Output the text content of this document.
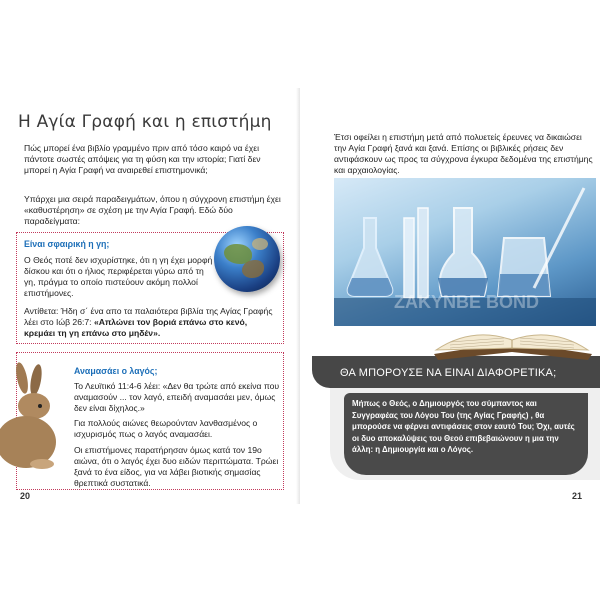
Η Αγία Γραφή και η επιστήμη
Πώς μπορεί ένα βιβλίο γραμμένο πριν από τόσο καιρό να έχει πάντοτε σωστές απόψεις για τη φύση και την ιστορία; Γιατί δεν μπορεί η Αγία Γραφή να αναιρεθεί επιστημονικά;
Υπάρχει μια σειρά παραδειγμάτων, όπου η σύγχρονη επιστήμη έχει «καθυστέρηση» σε σχέση με την Αγία Γραφή. Εδώ δύο παραδείγματα:
Είναι σφαιρική η γη;
Ο Θεός ποτέ δεν ισχυρίστηκε, ότι η γη έχει μορφή δίσκου και ότι ο ήλιος περιφέρεται γύρω από τη γη, πράγμα το οποίο πιστεύουν ακόμη πολλοί επιστήμονες.
Αντίθετα: Ήδη σ΄ ένα απο τα παλαιότερα βιβλία της Αγίας Γραφής λέει στο Ιώβ 26:7: «Απλώνει τον βοριά επάνω στο κενό, κρεμάει τη γη επάνω στο μηδέν».
Αναμασάει ο λαγός;
Το Λευϊτικό 11:4-6 λέει: «Δεν θα τρώτε από εκείνα που αναμασούν ... τον λαγό, επειδή αναμασάει μεν, όμως δεν είναι δίχηλος.»
Για πολλούς αιώνες θεωρούνταν λανθασμένος ο ισχυρισμός πως ο λαγός αναμασάει.
Οι επιστήμονες παρατήρησαν όμως κατά τον 19ο αιώνα, ότι ο λαγός έχει δυο ειδών περιττώματα. Τρώει ξανά το ένα είδος, για να λάβει βιοτικής σημασίας θρεπτικά συστατικά.
20
Έτσι οφείλει η επιστήμη μετά από πολυετείς έρευνες να δικαιώσει την Αγία Γραφή ξανά και ξανά. Επίσης οι βιβλικές ρήσεις δεν αντιφάσκουν ως προς τα σύγχρονα έγκυρα δεδομένα της επιστήμης και αρχαιολογίας.
ZAKYNBE BOND
ΘΑ ΜΠΟΡΟΥΣΕ ΝΑ ΕΙΝΑΙ ΔΙΑΦΟΡΕΤΙΚΑ;
Μήπως ο Θεός, ο Δημιουργός του σύμπαντος και Συγγραφέας του Λόγου Του (της Αγίας Γραφής) , θα μπορούσε να φέρνει αντιφάσεις στον εαυτό Του; Όχι, αυτές οι δυο αποκαλύψεις του Θεού επιβεβαιώνουν η μια την άλλη: η Δημιουργία και ο Λόγος.
21
